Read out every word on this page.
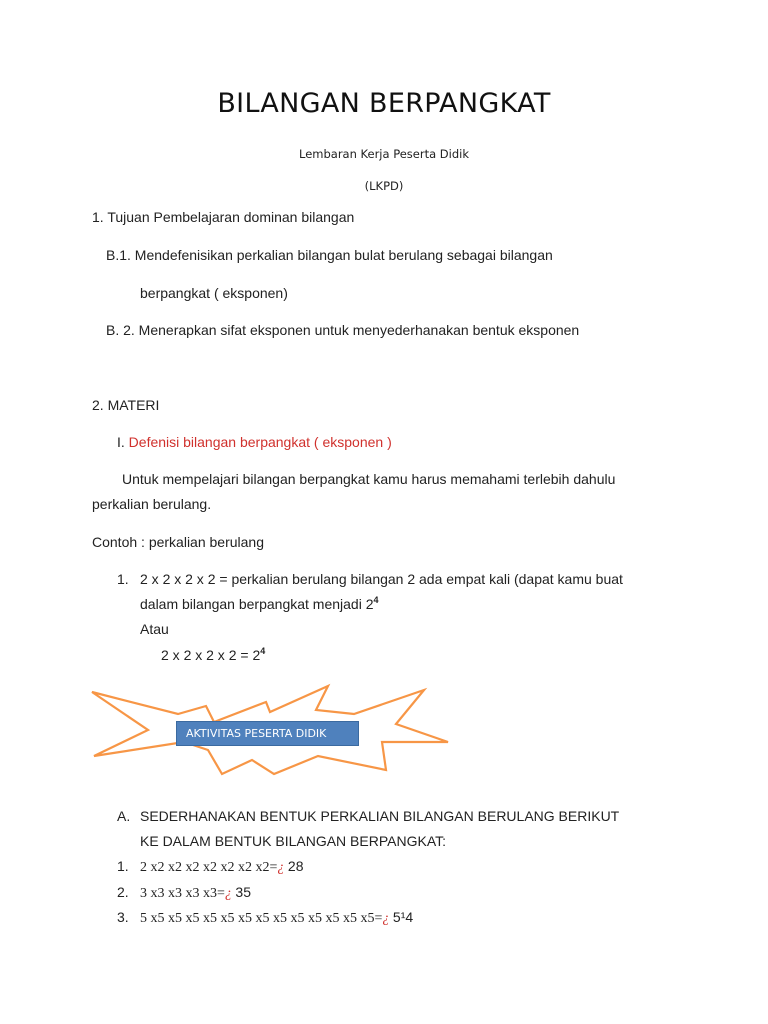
BILANGAN BERPANGKAT
Lembaran Kerja Peserta Didik
(LKPD)
1. Tujuan Pembelajaran dominan bilangan
B.1. Mendefenisikan perkalian bilangan bulat berulang sebagai bilangan
berpangkat ( eksponen)
B. 2. Menerapkan sifat eksponen untuk menyederhanakan bentuk eksponen
2. MATERI
I. Defenisi bilangan berpangkat ( eksponen )
Untuk mempelajari bilangan berpangkat kamu harus memahami terlebih dahulu
perkalian berulang.
Contoh : perkalian berulang
1. 2 x 2 x 2 x 2 = perkalian berulang bilangan 2 ada empat kali (dapat kamu buat
dalam bilangan berpangkat menjadi $2^4$
Atau
2 x 2 x 2 x $2 = 2^4$
AKTIVITAS PESERTA DIDIK
A. SEDERHANAKAN BENTUK PERKALIAN BILANGAN BERULANG BERIKUT
KE DALAM BENTUK BILANGAN BERPANGKAT:
1. 2 x2 x2 x2 x2 x2 x2 x2=¿ 28
2. 3 x3 x3 x3 x3=¿ 35
3. 5 x5 x5 x5 x5 x5 x5 x5 x5 x5 x5 x5 x5 x5=¿ 5¹4
